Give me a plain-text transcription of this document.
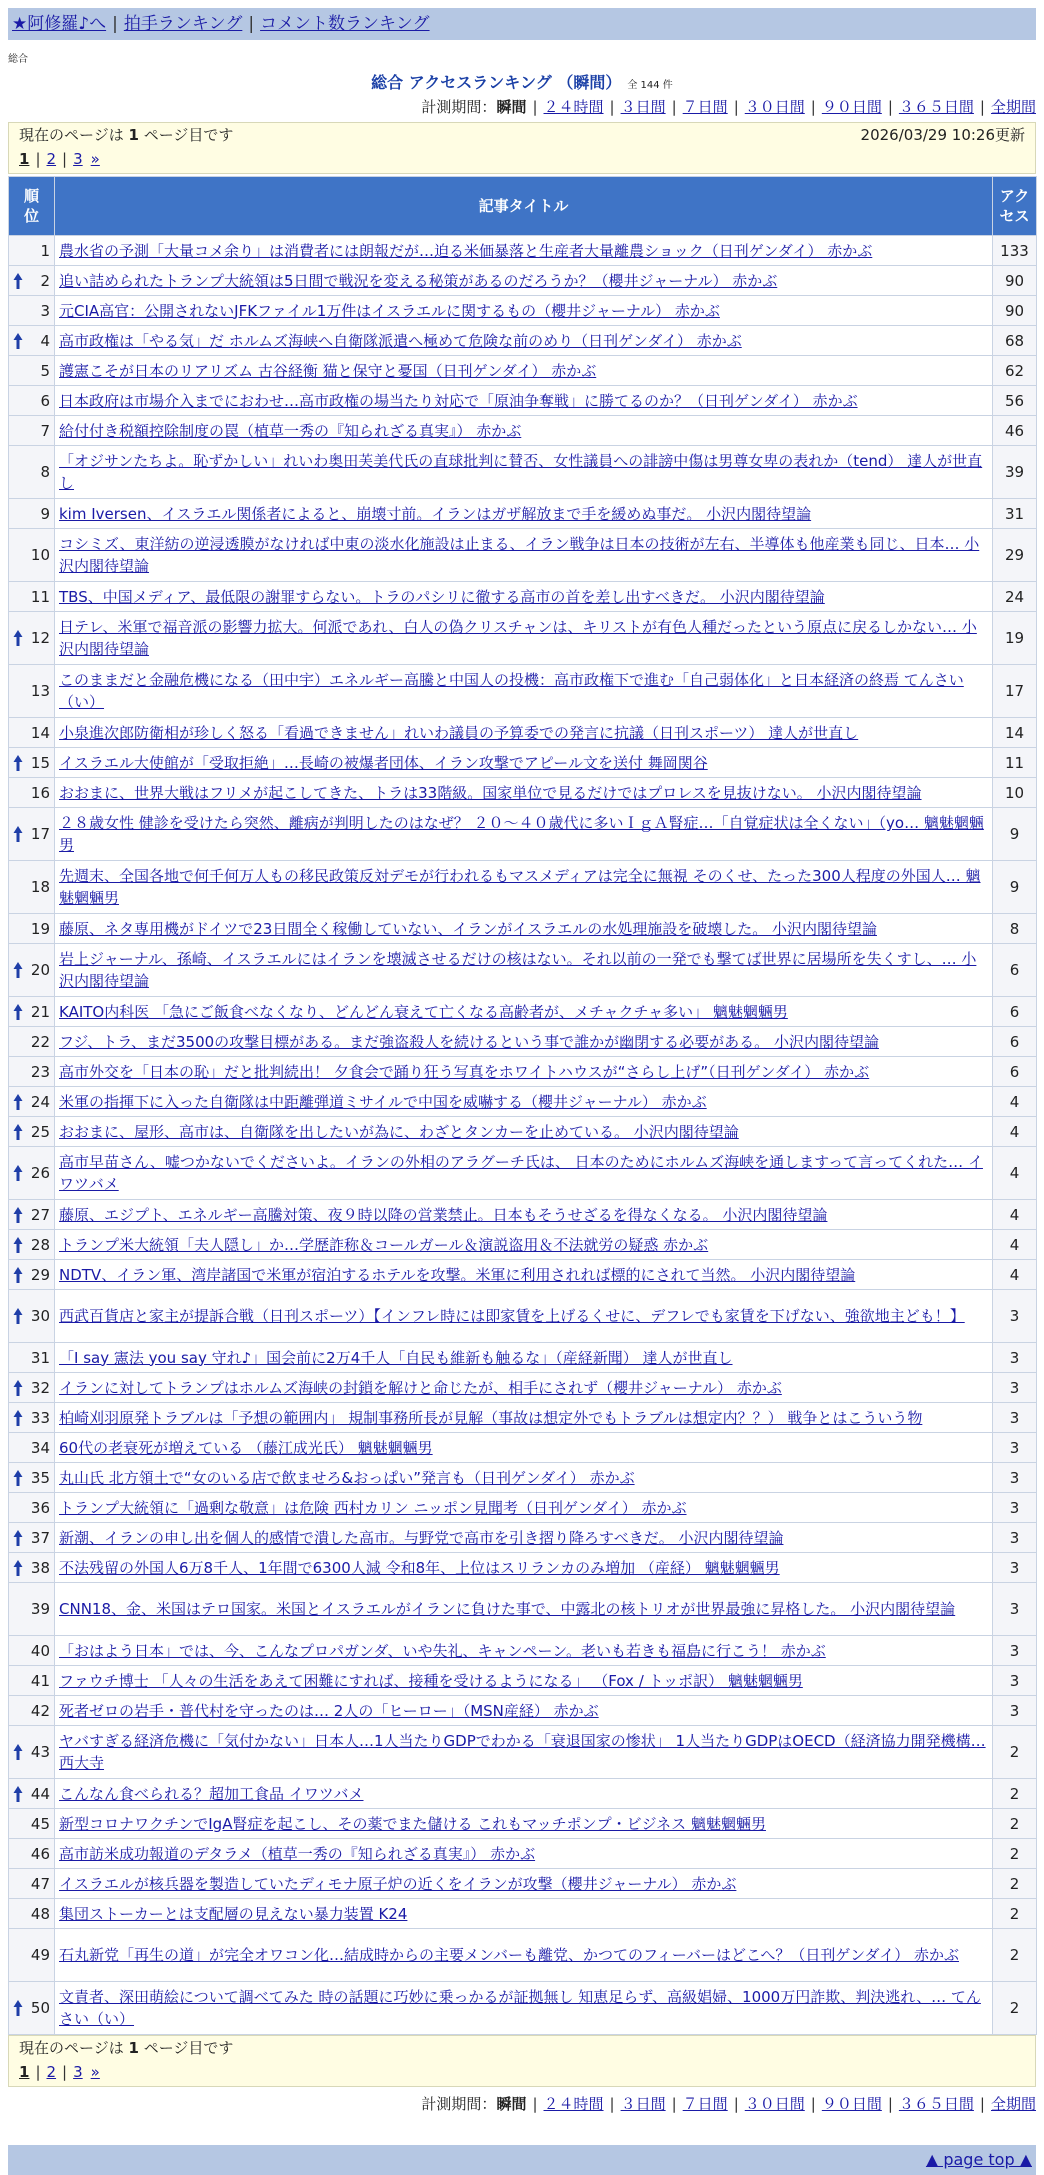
★阿修羅♪へ | 拍手ランキング | コメント数ランキング
総合
総合 アクセスランキング （瞬間） 全 144 件
計測期間：瞬間 | ２４時間 | ３日間 | ７日間 | ３０日間 | ９０日間 | ３６５日間 | 全期間
現在のページは 1 ページ目です	2026/03/29 10:26更新
1 | 2 | 3 »
順位	記事タイトル	アクセス
1	農水省の予測「大量コメ余り」は消費者には朗報だが…迫る米価暴落と生産者大量離農ショック（日刊ゲンダイ） 赤かぶ	133

2	追い詰められたトランプ大統領は5日間で戦況を変える秘策があるのだろうか？（櫻井ジャーナル） 赤かぶ	90
3	元CIA高官：公開されないJFKファイル1万件はイスラエルに関するもの（櫻井ジャーナル） 赤かぶ	90

4	高市政権は「やる気」だ ホルムズ海峡へ自衛隊派遣へ極めて危険な前のめり（日刊ゲンダイ） 赤かぶ	68
5	護憲こそが日本のリアリズム 古谷経衡 猫と保守と憂国（日刊ゲンダイ） 赤かぶ	62
6	日本政府は市場介入までにおわせ…高市政権の場当たり対応で「原油争奪戦」に勝てるのか？（日刊ゲンダイ） 赤かぶ	56
7	給付付き税額控除制度の罠（植草一秀の『知られざる真実』） 赤かぶ	46
8	「オジサンたちよ。恥ずかしい」れいわ奥田芙美代氏の直球批判に賛否、女性議員への誹謗中傷は男尊女卑の表れか（tend） 達人が世直し	39
9	kim Iversen、イスラエル関係者によると、崩壊寸前。イランはガザ解放まで手を緩めぬ事だ。 小沢内閣待望論	31
10	コシミズ、東洋紡の逆浸透膜がなければ中東の淡水化施設は止まる、イラン戦争は日本の技術が左右、半導体も他産業も同じ、日本… 小沢内閣待望論	29
11	TBS、中国メディア、最低限の謝罪すらない。トラのパシリに徹する高市の首を差し出すべきだ。 小沢内閣待望論	24

12	日テレ、米軍で福音派の影響力拡大。何派であれ、白人の偽クリスチャンは、キリストが有色人種だったという原点に戻るしかない… 小沢内閣待望論	19
13	このままだと金融危機になる（田中宇）エネルギー高騰と中国人の投機：高市政権下で進む「自己弱体化」と日本経済の終焉 てんさい（い）	17
14	小泉進次郎防衛相が珍しく怒る「看過できません」れいわ議員の予算委での発言に抗議（日刊スポーツ） 達人が世直し	14

15	イスラエル大使館が「受取拒絶」…長崎の被爆者団体、イラン攻撃でアピール文を送付 舞岡関谷	11
16	おおまに、世界大戦はフリメが起こしてきた、トラは33階級。国家単位で見るだけではプロレスを見抜けない。 小沢内閣待望論	10

17	２８歳女性 健診を受けたら突然、離病が判明したのはなぜ？ ２０～４０歳代に多いＩｇＡ腎症…「自覚症状は全くない」（yo… 魑魅魍魎男	9
18	先週末、全国各地で何千何万人もの移民政策反対デモが行われるもマスメディアは完全に無視 そのくせ、たった300人程度の外国人… 魑魅魍魎男	9
19	藤原、ネタ専用機がドイツで23日間全く稼働していない、イランがイスラエルの水処理施設を破壊した。 小沢内閣待望論	8

20	岩上ジャーナル、孫崎、イスラエルにはイランを壊滅させるだけの核はない。それ以前の一発でも撃てば世界に居場所を失くすし、… 小沢内閣待望論	6

21	KAITO内科医 「急にご飯食べなくなり、どんどん衰えて亡くなる高齢者が、メチャクチャ多い」 魑魅魍魎男	6
22	フジ、トラ、まだ3500の攻撃目標がある。まだ強盗殺人を続けるという事で誰かが幽閉する必要がある。 小沢内閣待望論	6
23	高市外交を「日本の恥」だと批判続出！ 夕食会で踊り狂う写真をホワイトハウスが“さらし上げ”（日刊ゲンダイ） 赤かぶ	6

24	米軍の指揮下に入った自衛隊は中距離弾道ミサイルで中国を威嚇する（櫻井ジャーナル） 赤かぶ	4

25	おおまに、屋形、高市は、自衛隊を出したいが為に、わざとタンカーを止めている。 小沢内閣待望論	4

26	高市早苗さん、嘘つかないでくださいよ。イランの外相のアラグーチ氏は、 日本のためにホルムズ海峡を通しますって言ってくれた… イワツバメ	4

27	藤原、エジプト、エネルギー高騰対策、夜９時以降の営業禁止。日本もそうせざるを得なくなる。 小沢内閣待望論	4

28	トランプ米大統領「夫人隠し」か…学歴詐称＆コールガール＆演説盗用＆不法就労の疑惑 赤かぶ	4

29	NDTV、イラン軍、湾岸諸国で米軍が宿泊するホテルを攻撃。米軍に利用されれば標的にされて当然。 小沢内閣待望論	4

30	西武百貨店と家主が提訴合戦（日刊スポーツ）【インフレ時には即家賃を上げるくせに、デフレでも家賃を下げない、強欲地主ども！】	3
31	「I say 憲法 you say 守れ♪」国会前に2万4千人「自民も維新も触るな」（産経新聞） 達人が世直し	3

32	イランに対してトランプはホルムズ海峡の封鎖を解けと命じたが、相手にされず（櫻井ジャーナル） 赤かぶ	3

33	柏崎刈羽原発トラブルは「予想の範囲内」 規制事務所長が見解（事故は想定外でもトラブルは想定内？？） 戦争とはこういう物	3
34	60代の老衰死が増えている （藤江成光氏） 魑魅魍魎男	3

35	丸山氏 北方領土で“女のいる店で飲ませろ&おっぱい”発言も（日刊ゲンダイ） 赤かぶ	3
36	トランプ大統領に「過剰な敬意」は危険 西村カリン ニッポン見聞考（日刊ゲンダイ） 赤かぶ	3

37	新潮、イランの申し出を個人的感情で潰した高市。与野党で高市を引き摺り降ろすべきだ。 小沢内閣待望論	3

38	不法残留の外国人6万8千人、1年間で6300人減 令和8年、上位はスリランカのみ増加 （産経） 魑魅魍魎男	3
39	CNN18、金、米国はテロ国家。米国とイスラエルがイランに負けた事で、中露北の核トリオが世界最強に昇格した。 小沢内閣待望論	3
40	「おはよう日本」では、今、こんなプロパガンダ、いや失礼、キャンペーン。老いも若きも福島に行こう！ 赤かぶ	3
41	ファウチ博士 「人々の生活をあえて困難にすれば、接種を受けるようになる」 （Fox / トッポ訳） 魑魅魍魎男	3
42	死者ゼロの岩手・普代村を守ったのは… 2人の「ヒーロー」（MSN産経） 赤かぶ	3

43	ヤバすぎる経済危機に「気付かない」日本人…1人当たりGDPでわかる「衰退国家の惨状」 1人当たりGDPはOECD（経済協力開発機構… 西大寺	2

44	こんなん食べられる？超加工食品 イワツバメ	2
45	新型コロナワクチンでIgA腎症を起こし、その薬でまた儲ける これもマッチポンプ・ビジネス 魑魅魍魎男	2
46	高市訪米成功報道のデタラメ（植草一秀の『知られざる真実』） 赤かぶ	2
47	イスラエルが核兵器を製造していたディモナ原子炉の近くをイランが攻撃（櫻井ジャーナル） 赤かぶ	2
48	集団ストーカーとは支配層の見えない暴力装置 K24	2
49	石丸新党「再生の道」が完全オワコン化…結成時からの主要メンバーも離党、かつてのフィーバーはどこへ？（日刊ゲンダイ） 赤かぶ	2

50	文責者、深田萌絵について調べてみた 時の話題に巧妙に乗っかるが証拠無し 知恵足らず、高級娼婦、1000万円詐欺、判決逃れ、… てんさい（い）	2
現在のページは 1 ページ目です
1 | 2 | 3 »
計測期間：瞬間 | ２４時間 | ３日間 | ７日間 | ３０日間 | ９０日間 | ３６５日間 | 全期間
▲ page top ▲
